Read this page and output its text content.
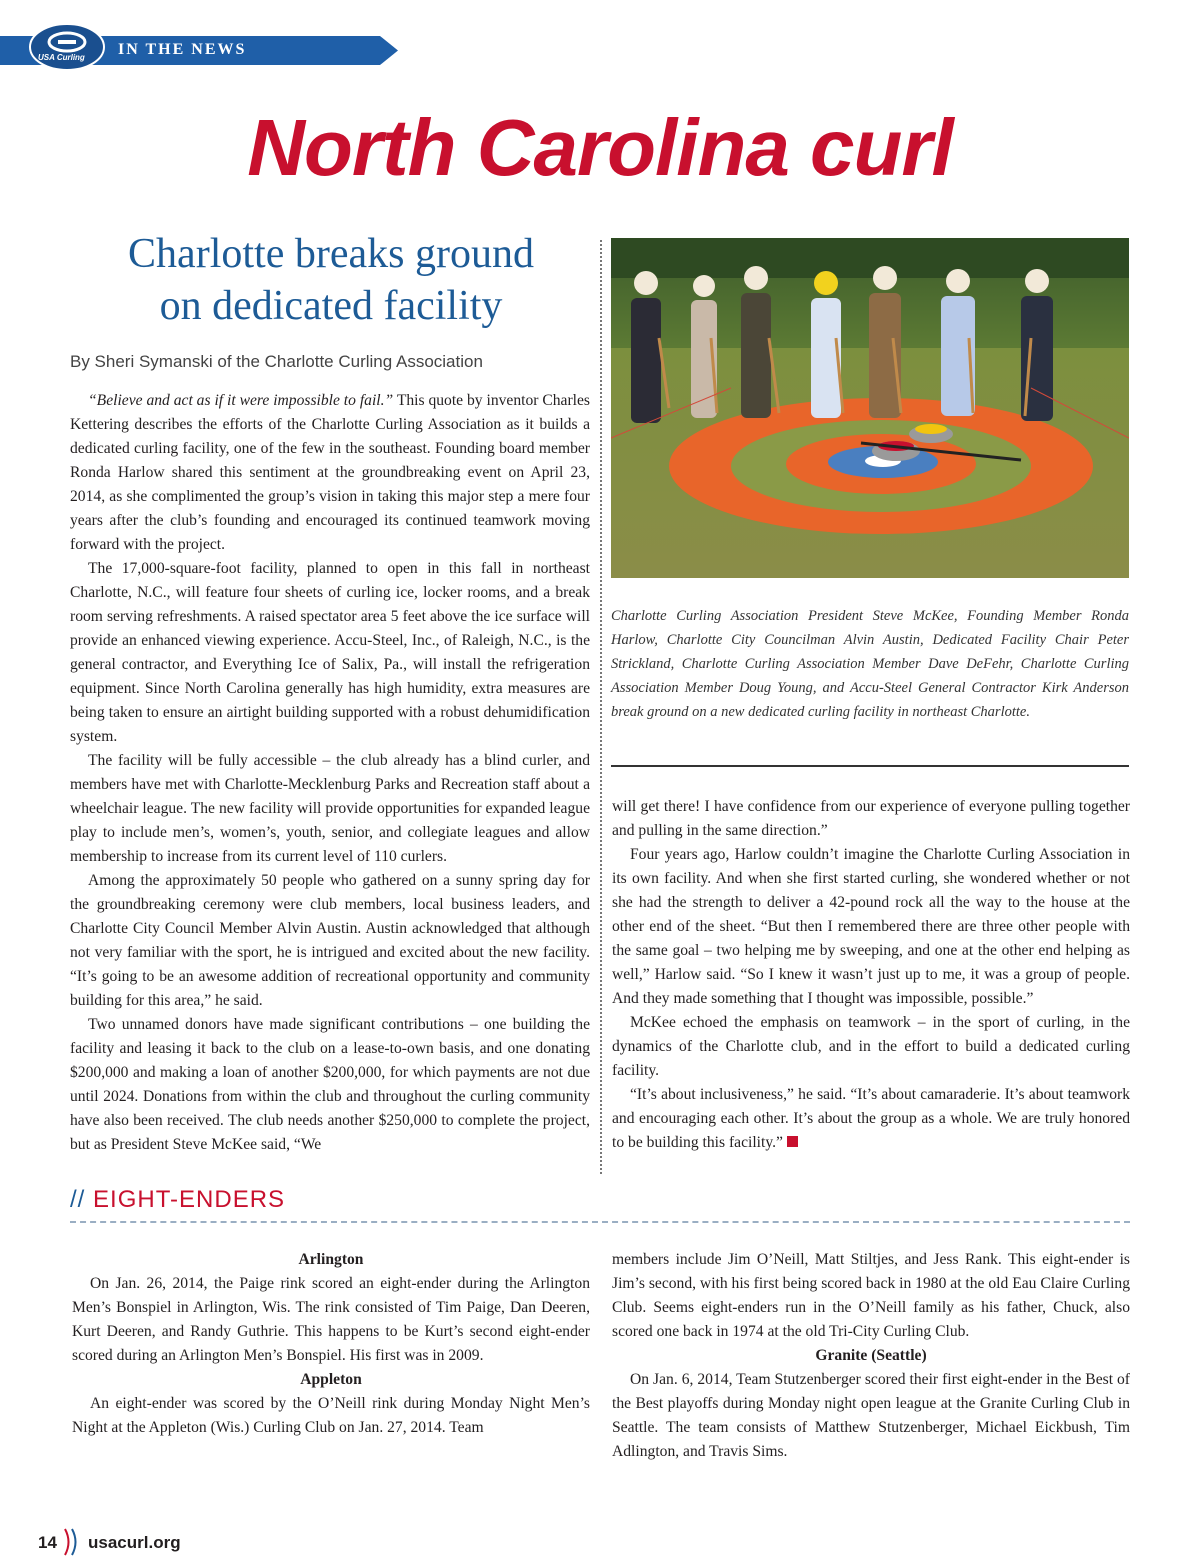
USA Curling IN THE NEWS
North Carolina curl
Charlotte breaks ground
on dedicated facility
By Sheri Symanski of the Charlotte Curling Association

“Believe and act as if it were impossible to fail.” This quote by inventor Charles Kettering describes the efforts of the Charlotte Curling Association as it builds a dedicated curling facility, one of the few in the southeast. Founding board member Ronda Harlow shared this sentiment at the groundbreaking event on April 23, 2014, as she complimented the group’s vision in taking this major step a mere four years after the club’s founding and encouraged its continued teamwork moving forward with the project.

The 17,000-square-foot facility, planned to open in this fall in northeast Charlotte, N.C., will feature four sheets of curling ice, locker rooms, and a break room serving refreshments. A raised spectator area 5 feet above the ice surface will provide an enhanced viewing experience. Accu-Steel, Inc., of Raleigh, N.C., is the general contractor, and Everything Ice of Salix, Pa., will install the refrigeration equipment. Since North Carolina generally has high humidity, extra measures are being taken to ensure an airtight building supported with a robust dehumidification system.

The facility will be fully accessible – the club already has a blind curler, and members have met with Charlotte-Mecklenburg Parks and Recreation staff about a wheelchair league. The new facility will provide opportunities for expanded league play to include men’s, women’s, youth, senior, and collegiate leagues and allow membership to increase from its current level of 110 curlers.

Among the approximately 50 people who gathered on a sunny spring day for the groundbreaking ceremony were club members, local business leaders, and Charlotte City Council Member Alvin Austin. Austin acknowledged that although not very familiar with the sport, he is intrigued and excited about the new facility. “It’s going to be an awesome addition of recreational opportunity and community building for this area,” he said.

Two unnamed donors have made significant contributions – one building the facility and leasing it back to the club on a lease-to-own basis, and one donating $200,000 and making a loan of another $200,000, for which payments are not due until 2024. Donations from within the club and throughout the curling community have also been received. The club needs another $250,000 to complete the project, but as President Steve McKee said, “We

Charlotte Curling Association President Steve McKee, Founding Member Ronda Harlow, Charlotte City Councilman Alvin Austin, Dedicated Facility Chair Peter Strickland, Charlotte Curling Association Member Dave DeFehr, Charlotte Curling Association Member Doug Young, and Accu-Steel General Contractor Kirk Anderson break ground on a new dedicated curling facility in northeast Charlotte.

will get there! I have confidence from our experience of everyone pulling together and pulling in the same direction.”

Four years ago, Harlow couldn’t imagine the Charlotte Curling Association in its own facility. And when she first started curling, she wondered whether or not she had the strength to deliver a 42-pound rock all the way to the house at the other end of the sheet. “But then I remembered there are three other people with the same goal – two helping me by sweeping, and one at the other end helping as well,” Harlow said. “So I knew it wasn’t just up to me, it was a group of people. And they made something that I thought was impossible, possible.”

McKee echoed the emphasis on teamwork – in the sport of curling, in the dynamics of the Charlotte club, and in the effort to build a dedicated curling facility.

“It’s about inclusiveness,” he said. “It’s about camaraderie. It’s about teamwork and encouraging each other. It’s about the group as a whole. We are truly honored to be building this facility.”

// EIGHT-ENDERS
Arlington

On Jan. 26, 2014, the Paige rink scored an eight-ender during the Arlington Men’s Bonspiel in Arlington, Wis. The rink consisted of Tim Paige, Dan Deeren, Kurt Deeren, and Randy Guthrie. This happens to be Kurt’s second eight-ender scored during an Arlington Men’s Bonspiel. His first was in 2009.

Appleton

An eight-ender was scored by the O’Neill rink during Monday Night Men’s Night at the Appleton (Wis.) Curling Club on Jan. 27, 2014. Team

members include Jim O’Neill, Matt Stiltjes, and Jess Rank. This eight-ender is Jim’s second, with his first being scored back in 1980 at the old Eau Claire Curling Club. Seems eight-enders run in the O’Neill family as his father, Chuck, also scored one back in 1974 at the old Tri-City Curling Club.

Granite (Seattle)

On Jan. 6, 2014, Team Stutzenberger scored their first eight-ender in the Best of the Best playoffs during Monday night open league at the Granite Curling Club in Seattle. The team consists of Matthew Stutzenberger, Michael Eickbush, Tim Adlington, and Travis Sims.

14 usacurl.org
